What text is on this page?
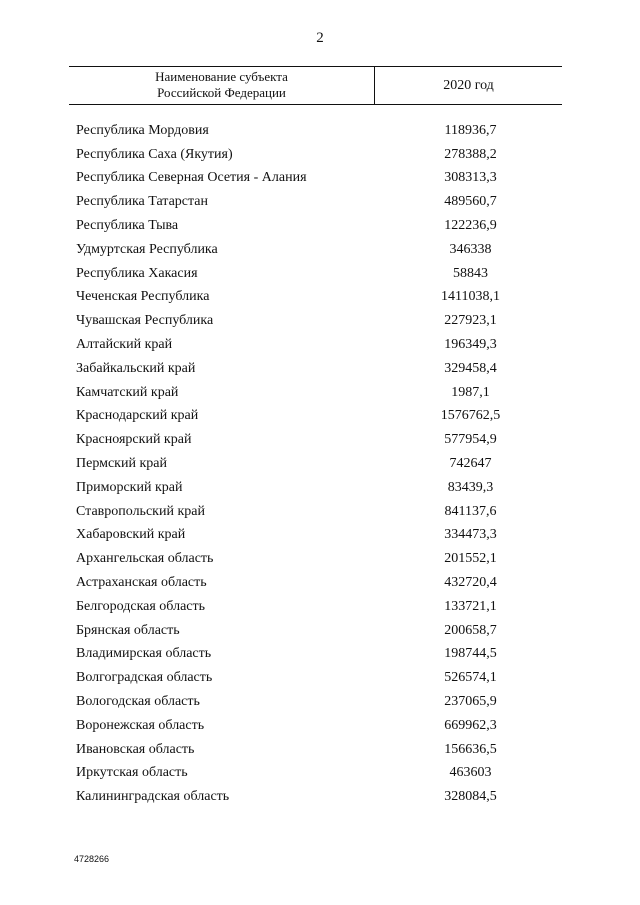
2
Наименование субъекта
Российской Федерации	2020 год
Республика Мордовия	118936,7
Республика Саха (Якутия)	278388,2
Республика Северная Осетия - Алания	308313,3
Республика Татарстан	489560,7
Республика Тыва	122236,9
Удмуртская Республика	346338
Республика Хакасия	58843
Чеченская Республика	1411038,1
Чувашская Республика	227923,1
Алтайский край	196349,3
Забайкальский край	329458,4
Камчатский край	1987,1
Краснодарский край	1576762,5
Красноярский край	577954,9
Пермский край	742647
Приморский край	83439,3
Ставропольский край	841137,6
Хабаровский край	334473,3
Архангельская область	201552,1
Астраханская область	432720,4
Белгородская область	133721,1
Брянская область	200658,7
Владимирская область	198744,5
Волгоградская область	526574,1
Вологодская область	237065,9
Воронежская область	669962,3
Ивановская область	156636,5
Иркутская область	463603
Калининградская область	328084,5
4728266
